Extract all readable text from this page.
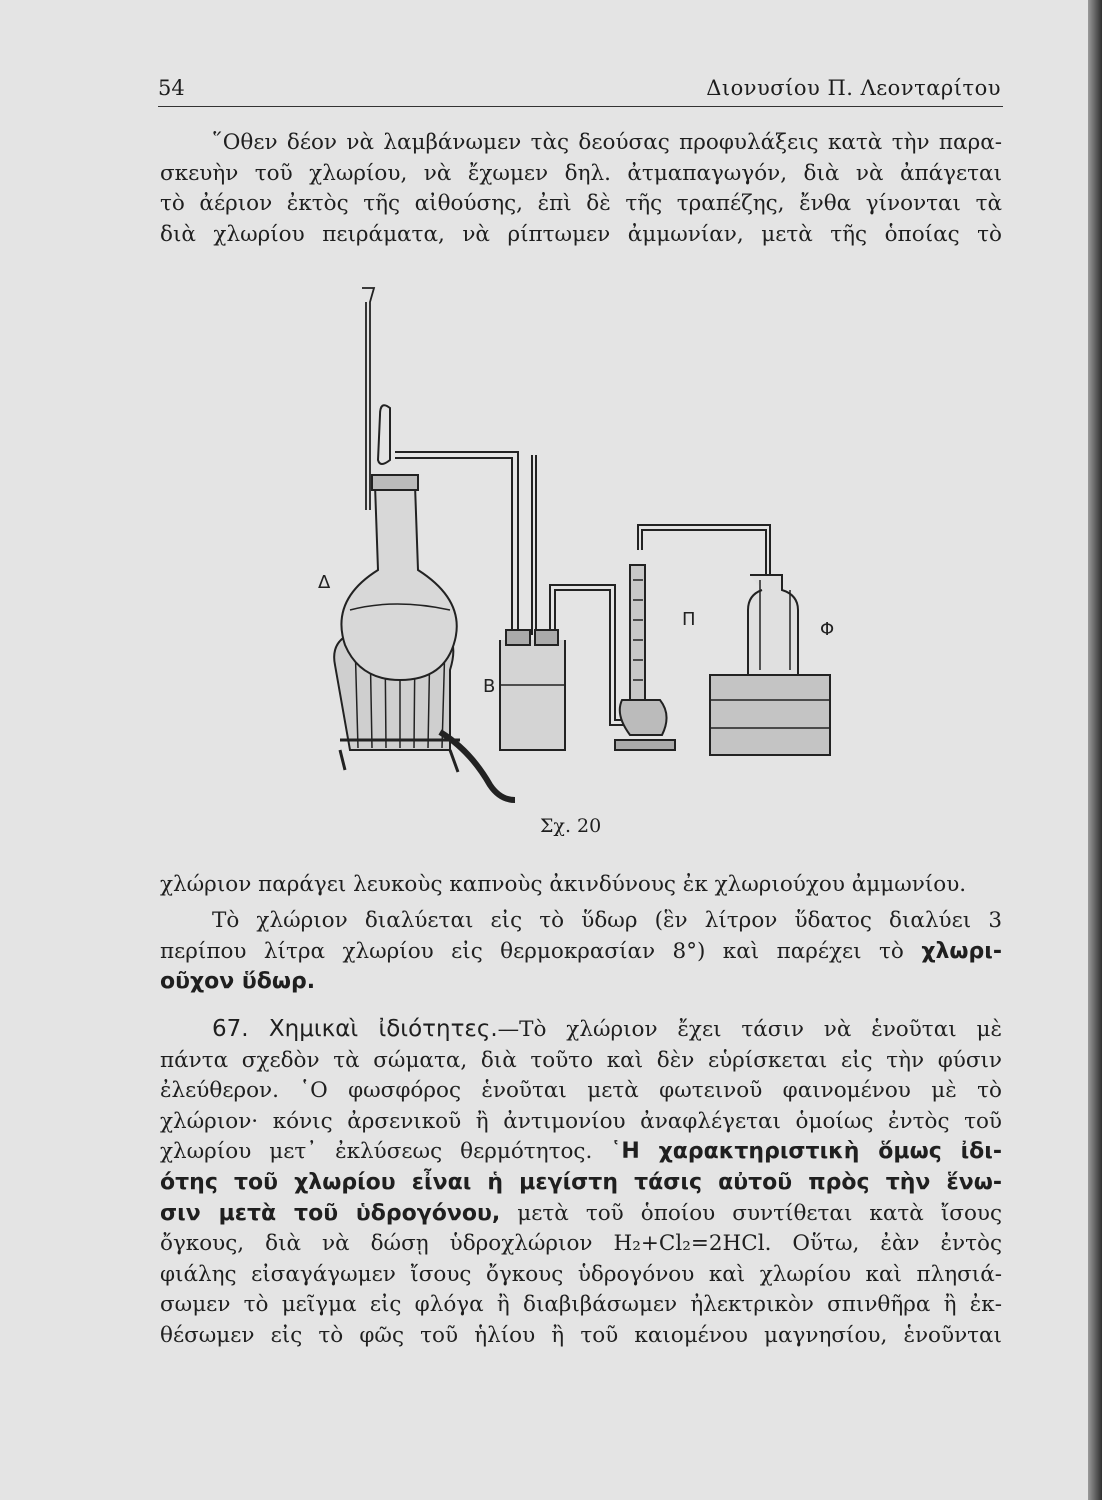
54	Διονυσίου Π. Λεονταρίτου
῞Οθεν δέον νὰ λαμβάνωμεν τὰς δεούσας προφυλάξεις κατὰ τὴν παρα-
σκευὴν τοῦ χλωρίου, νὰ ἔχωμεν δηλ. ἀτμαπαγωγόν, διὰ νὰ ἀπάγεται
τὸ ἀέριον ἐκτὸς τῆς αἰθούσης, ἐπὶ δὲ τῆς τραπέζης, ἔνθα γίνονται τὰ
διὰ χλωρίου πειράματα, νὰ ρίπτωμεν ἀμμωνίαν, μετὰ τῆς ὁποίας τὸ
Δ
Β
Π	Φ
Σχ. 20
χλώριον παράγει λευκοὺς καπνοὺς ἀκινδύνους ἐκ χλωριούχου ἀμμωνίου.
Τὸ χλώριον διαλύεται εἰς τὸ ὕδωρ (ἓν λίτρον ὕδατος διαλύει 3
περίπου λίτρα χλωρίου εἰς θερμοκρασίαν 8°) καὶ παρέχει τὸ χλωρι-
οῦχον ὕδωρ.
67. Χημικαὶ ἰδιότητες.—Τὸ χλώριον ἔχει τάσιν νὰ ἑνοῦται μὲ
πάντα σχεδὸν τὰ σώματα, διὰ τοῦτο καὶ δὲν εὑρίσκεται εἰς τὴν φύσιν
ἐλεύθερον. ῾Ο φωσφόρος ἑνοῦται μετὰ φωτεινοῦ φαινομένου μὲ τὸ
χλώριον· κόνις ἀρσενικοῦ ἢ ἀντιμονίου ἀναφλέγεται ὁμοίως ἐντὸς τοῦ
χλωρίου μετ᾿ ἐκλύσεως θερμότητος. ῾Η χαρακτηριστικὴ ὅμως ἰδι-
ότης τοῦ χλωρίου εἶναι ἡ μεγίστη τάσις αὐτοῦ πρὸς τὴν ἕνω-
σιν μετὰ τοῦ ὑδρογόνου, μετὰ τοῦ ὁποίου συντίθεται κατὰ ἴσους
ὄγκους, διὰ νὰ δώσῃ ὑδροχλώριον H₂+Cl₂=2HCl. Οὕτω, ἐὰν ἐντὸς
φιάλης εἰσαγάγωμεν ἴσους ὄγκους ὑδρογόνου καὶ χλωρίου καὶ πλησιά-
σωμεν τὸ μεῖγμα εἰς φλόγα ἢ διαβιβάσωμεν ἠλεκτρικὸν σπινθῆρα ἢ ἐκ-
θέσωμεν εἰς τὸ φῶς τοῦ ἡλίου ἢ τοῦ καιομένου μαγνησίου, ἑνοῦνται
